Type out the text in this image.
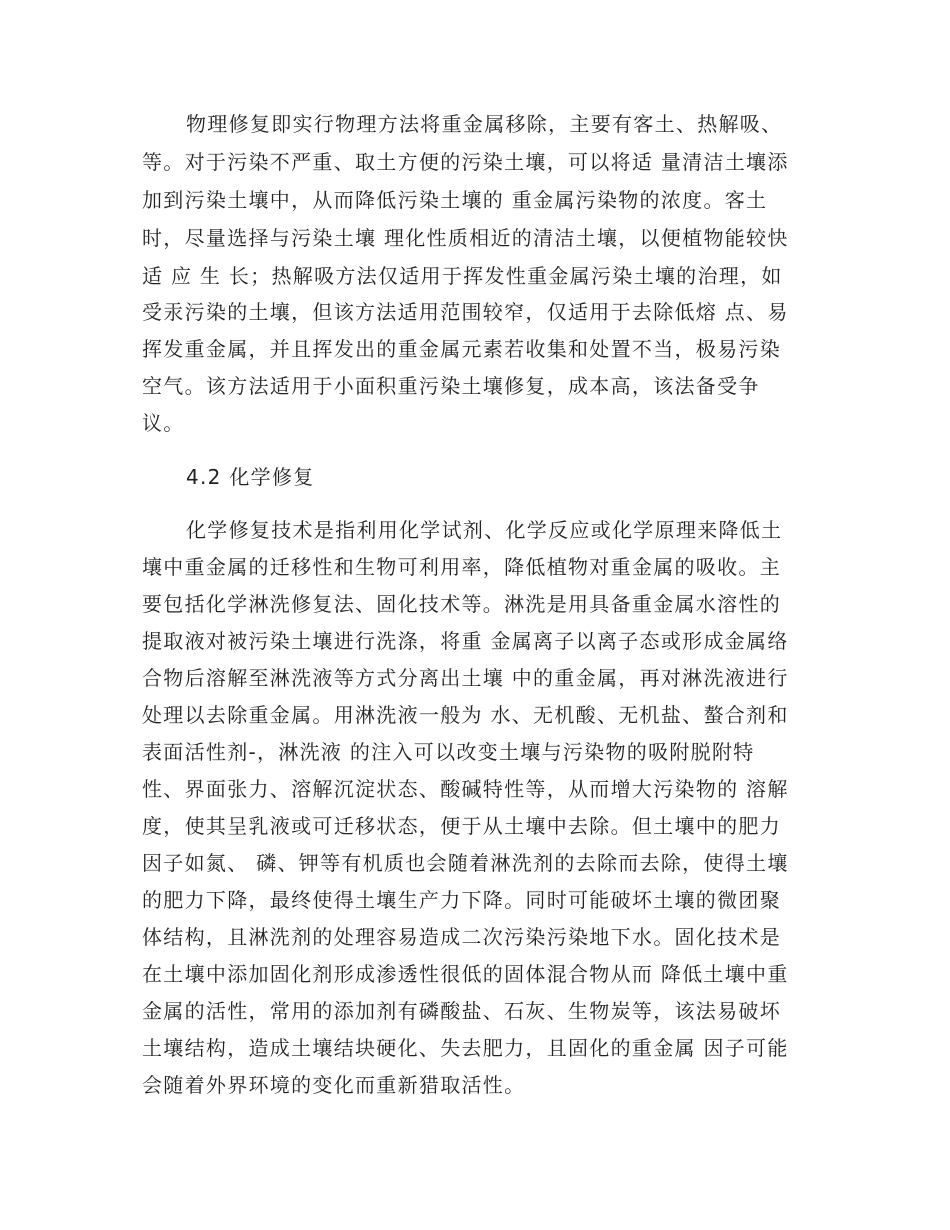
物理修复即实行物理方法将重金属移除，主要有客土、热解吸、
等。对于污染不严重、取土方便的污染土壤，可以将适 量清洁土壤添
加到污染土壤中，从而降低污染土壤的 重金属污染物的浓度。客土
时，尽量选择与污染土壤 理化性质相近的清洁土壤，以便植物能较快
适 应 生 长；热解吸方法仅适用于挥发性重金属污染土壤的治理，如
受汞污染的土壤，但该方法适用范围较窄，仅适用于去除低熔 点、易
挥发重金属，并且挥发出的重金属元素若收集和处置不当，极易污染
空气。该方法适用于小面积重污染土壤修复，成本高，该法备受争
议。
4.2 化学修复
化学修复技术是指利用化学试剂、化学反应或化学原理来降低土
壤中重金属的迁移性和生物可利用率，降低植物对重金属的吸收。主
要包括化学淋洗修复法、固化技术等。淋洗是用具备重金属水溶性的
提取液对被污染土壤进行洗涤，将重 金属离子以离子态或形成金属络
合物后溶解至淋洗液等方式分离出土壤 中的重金属，再对淋洗液进行
处理以去除重金属。用淋洗液一般为 水、无机酸、无机盐、螯合剂和
表面活性剂-，淋洗液 的注入可以改变土壤与污染物的吸附脱附特
性、界面张力、溶解沉淀状态、酸碱特性等，从而增大污染物的 溶解
度，使其呈乳液或可迁移状态，便于从土壤中去除。但土壤中的肥力
因子如氮、 磷、钾等有机质也会随着淋洗剂的去除而去除，使得土壤
的肥力下降，最终使得土壤生产力下降。同时可能破坏土壤的微团聚
体结构，且淋洗剂的处理容易造成二次污染污染地下水。固化技术是
在土壤中添加固化剂形成渗透性很低的固体混合物从而 降低土壤中重
金属的活性，常用的添加剂有磷酸盐、石灰、生物炭等，该法易破坏
土壤结构，造成土壤结块硬化、失去肥力，且固化的重金属 因子可能
会随着外界环境的变化而重新猎取活性。
